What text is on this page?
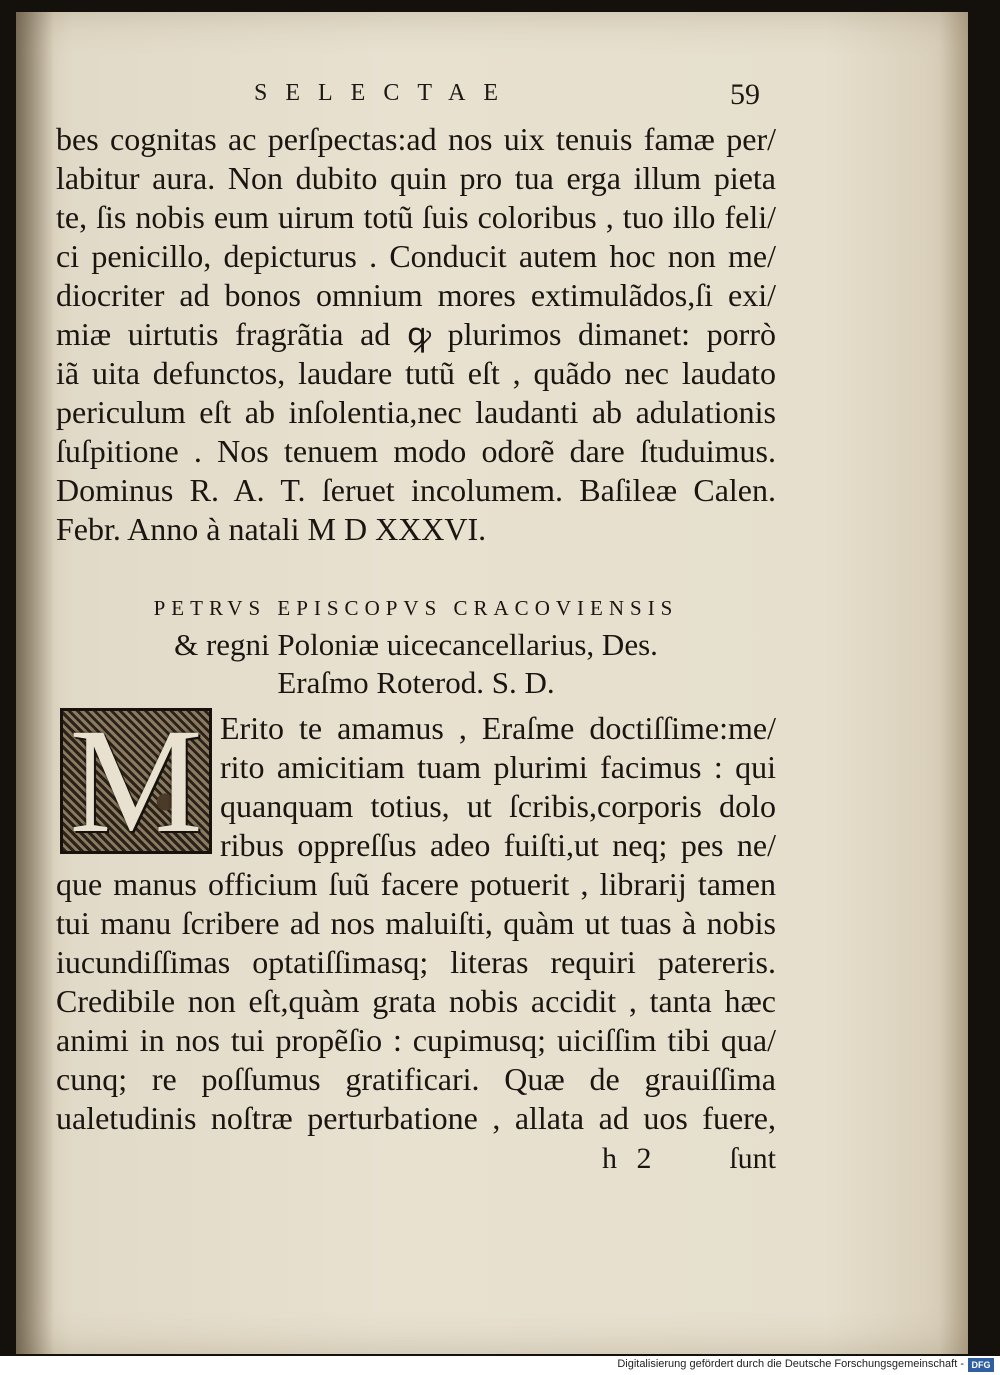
SELECTAE	59
bes cognitas ac perſpectas:ad nos uix tenuis famæ per/
labitur aura. Non dubito quin pro tua erga illum pieta
te, ſis nobis eum uirum totũ ſuis coloribus , tuo illo feli/
ci penicillo, depicturus . Conducit autem hoc non me/
diocriter ad bonos omnium mores extimulãdos,ſi exi/
miæ uirtutis fragrãtia ad ꝙ plurimos dimanet: porrò
iã uita defunctos, laudare tutũ eſt , quãdo nec laudato
periculum eſt ab inſolentia,nec laudanti ab adulationis
ſuſpitione . Nos tenuem modo odorẽ dare ſtuduimus.
Dominus R. A. T. ſeruet incolumem. Baſileæ Calen.
Febr. Anno à natali M D XXXVI.
PETRVS EPISCOPVS CRACOVIENSIS
& regni Poloniæ uicecancellarius, Des.
Eraſmo Roterod. S. D.
M Erito te amamus , Eraſme doctiſſime:me/
rito amicitiam tuam plurimi facimus : qui
quanquam totius, ut ſcribis,corporis dolo
ribus oppreſſus adeo fuiſti,ut neq; pes ne/
que manus officium ſuũ facere potuerit , librarij tamen
tui manu ſcribere ad nos maluiſti, quàm ut tuas à nobis
iucundiſſimas optatiſſimasq; literas requiri patereris.
Credibile non eſt,quàm grata nobis accidit , tanta hæc
animi in nos tui propẽſio : cupimusq; uiciſſim tibi qua/
cunq; re poſſumus gratificari. Quæ de grauiſſima
ualetudinis noſtræ perturbatione , allata ad uos fuere,
h 2 ſunt
Digitalisierung gefördert durch die Deutsche Forschungsgemeinschaft - DFG
